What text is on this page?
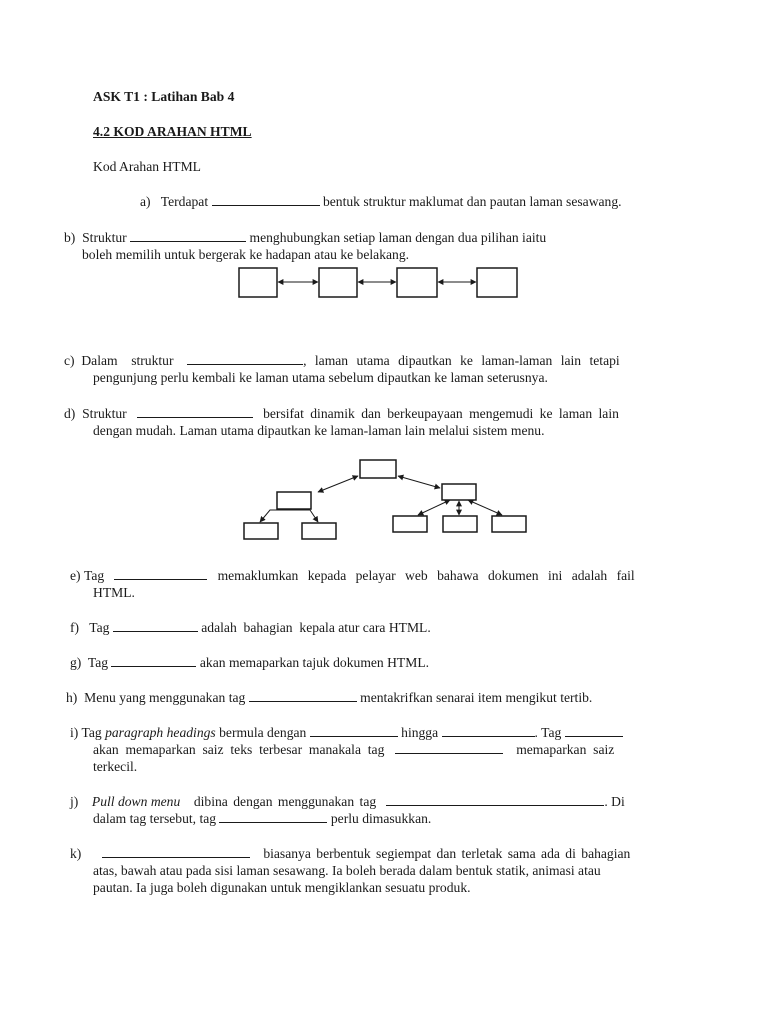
ASK T1 : Latihan Bab 4
4.2 KOD ARAHAN HTML
Kod Arahan HTML
a) Terdapat	bentuk struktur maklumat dan pautan laman sesawang.
b) Struktur	menghubungkan setiap laman dengan dua pilihan iaitu
boleh memilih untuk bergerak ke hadapan atau ke belakang.
c) Dalam struktur	, laman utama dipautkan ke laman-laman lain tetapi
pengunjung perlu kembali ke laman utama sebelum dipautkan ke laman seterusnya.
d) Struktur	bersifat dinamik dan berkeupayaan mengemudi ke laman lain
dengan mudah. Laman utama dipautkan ke laman-laman lain melalui sistem menu.
e) Tag	memaklumkan kepada pelayar web bahawa dokumen ini adalah fail
HTML.
f) Tag	adalah  bahagian  kepala atur cara HTML.
g) Tag	akan memaparkan tajuk dokumen HTML.
h) Menu yang menggunakan tag	mentakrifkan senarai item mengikut tertib.
i) Tag paragraph headings bermula dengan	hingga	. Tag
akan  memaparkan  saiz  teks  terbesar  manakala  tag	memaparkan  saiz
terkecil.
j) Pull down menu dibina dengan menggunakan tag	. Di
dalam tag tersebut, tag	perlu dimasukkan.
k)	biasanya berbentuk segiempat dan terletak sama ada di bahagian
atas, bawah atau pada sisi laman sesawang. Ia boleh berada dalam bentuk statik, animasi atau
pautan. Ia juga boleh digunakan untuk mengiklankan sesuatu produk.
